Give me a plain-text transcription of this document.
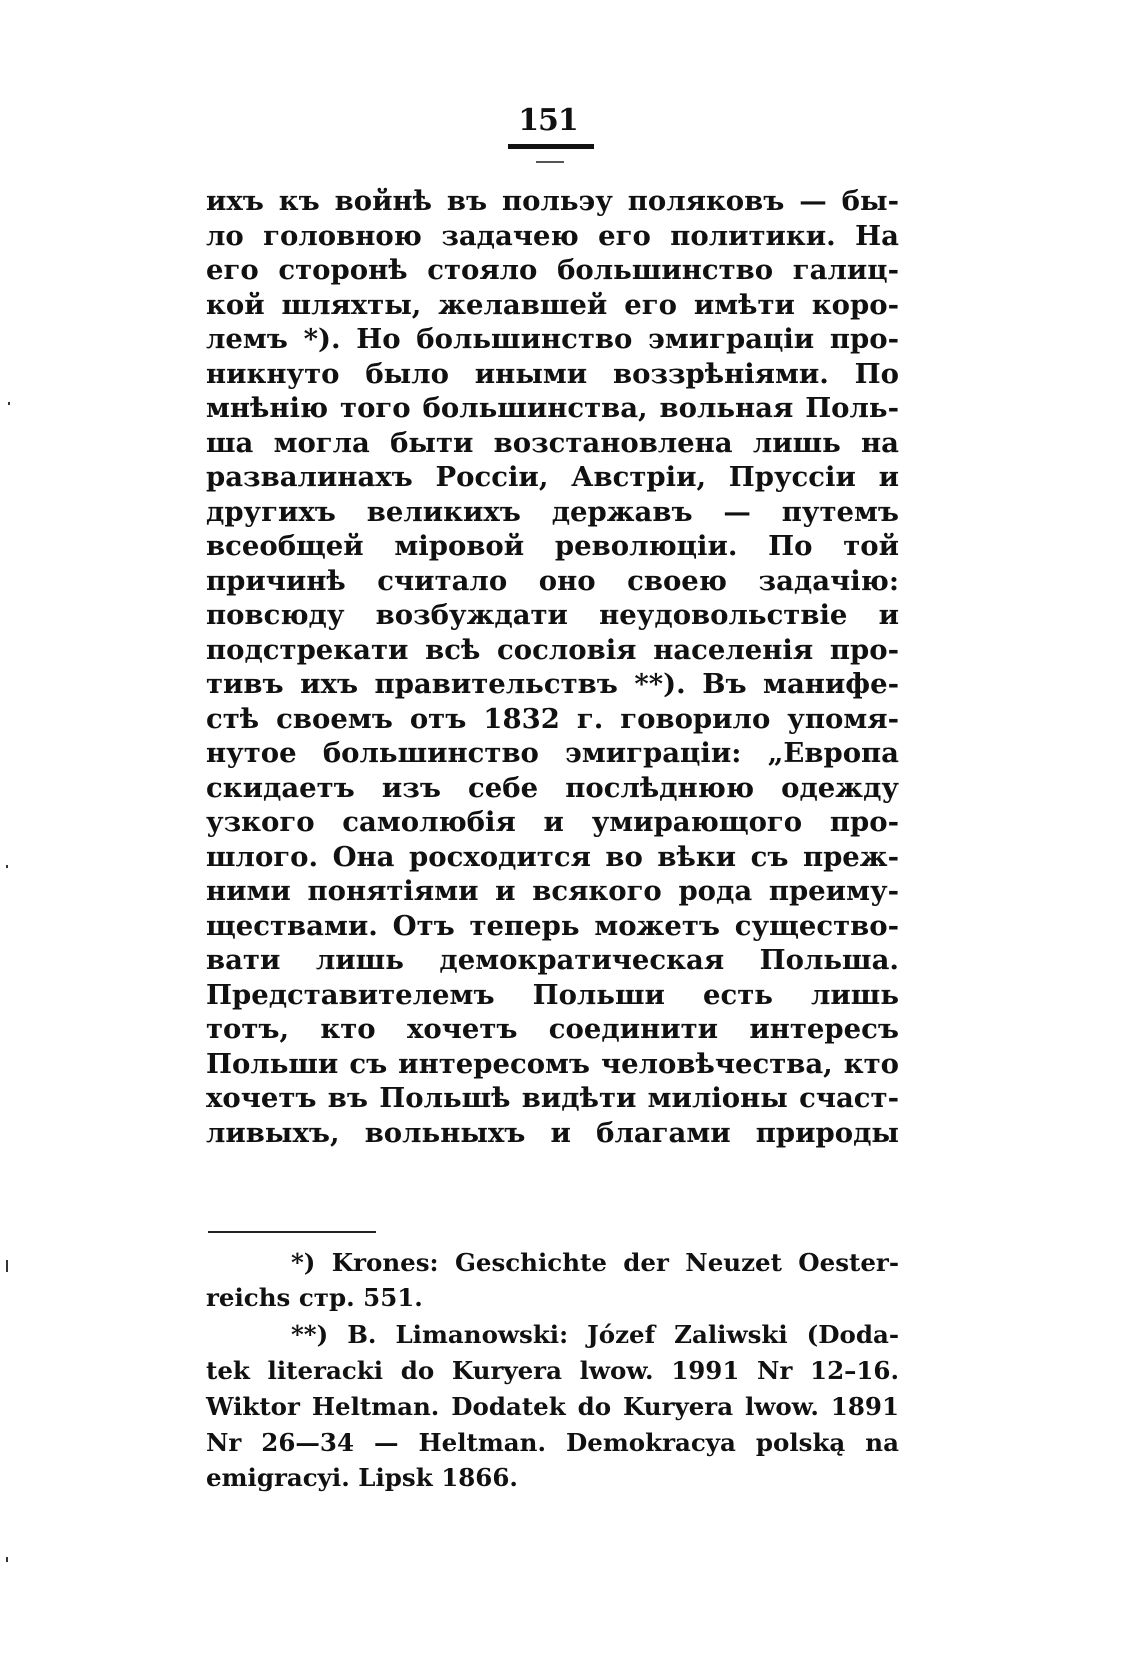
151
ихъ къ войнѣ въ польэу поляковъ — бы-
ло головною задачею его политики. На
его сторонѣ стояло большинство галиц-
кой шляхты, желавшей его имѣти коро-
лемъ *). Но большинство эмиграціи про-
никнуто было иными воззрѣніями. По
мнѣнію того большинства, вольная Поль-
ша могла быти возстановлена лишь на
развалинахъ Россіи, Австріи, Пруссіи и
другихъ великихъ державъ — путемъ
всеобщей міровой революціи. По той
причинѣ считало оно своею задачію:
повсюду возбуждати неудовольствіе и
подстрекати всѣ сословія населенія про-
тивъ ихъ правительствъ **). Въ манифе-
стѣ своемъ отъ 1832 г. говорило упомя-
нутое большинство эмиграціи: „Европа
скидаетъ изъ себе послѣднюю одежду
узкого самолюбія и умирающого про-
шлого. Она росходится во вѣки съ преж-
ними понятіями и всякого рода преиму-
ществами. Отъ теперь можетъ существо-
вати лишь демократическая Польша.
Представителемъ Польши есть лишь
тотъ, кто хочетъ соединити интересъ
Польши съ интересомъ человѣчества, кто
хочетъ въ Польшѣ видѣти миліоны счаст-
ливыхъ, вольныхъ и благами природы
*) Krones: Geschichte der Neuzet Oester-
reichs стр. 551.
**) B. Limanowski: Józef Zaliwski (Doda-
tek literacki do Kuryera lwow. 1991 Nr 12–16.
Wiktor Heltman. Dodatek do Kuryera lwow. 1891
Nr 26—34 — Heltman. Demokracya polską na
emigracyi. Lipsk 1866.
